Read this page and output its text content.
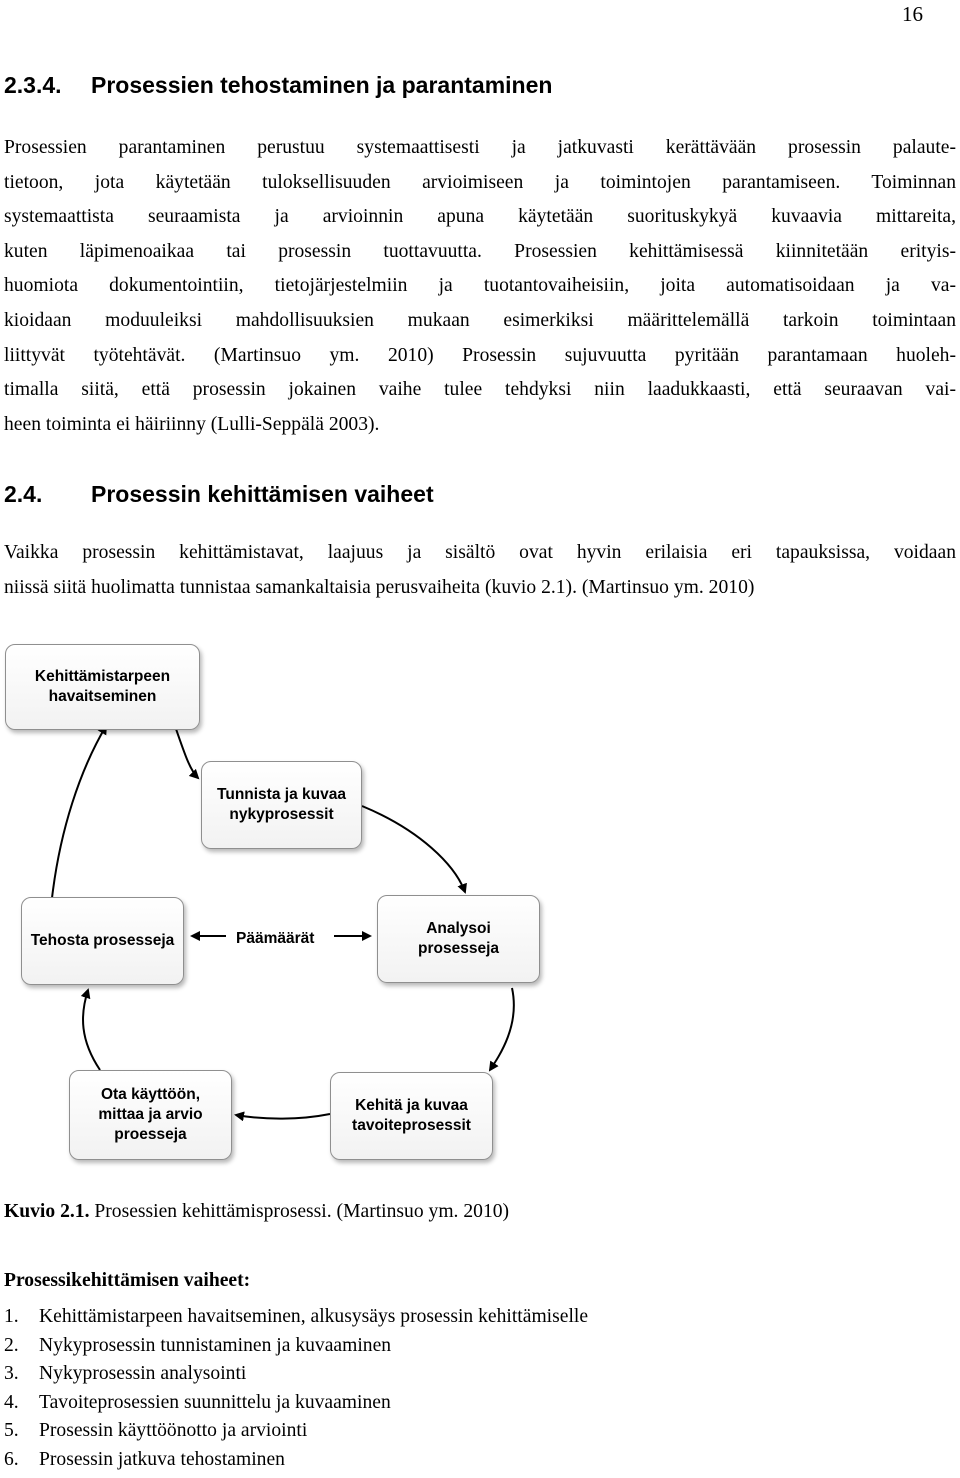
16
2.3.4.	Prosessien tehostaminen ja parantaminen
Prosessien parantaminen perustuu systemaattisesti ja jatkuvasti kerättävään prosessin palaute-
tietoon, jota käytetään tuloksellisuuden arvioimiseen ja toimintojen parantamiseen. Toiminnan
systemaattista seuraamista ja arvioinnin apuna käytetään suorituskykyä kuvaavia mittareita,
kuten läpimenoaikaa tai prosessin tuottavuutta. Prosessien kehittämisessä kiinnitetään erityis-
huomiota dokumentointiin, tietojärjestelmiin ja tuotantovaiheisiin, joita automatisoidaan ja va-
kioidaan moduuleiksi mahdollisuuksien mukaan esimerkiksi määrittelemällä tarkoin toimintaan
liittyvät työtehtävät. (Martinsuo ym. 2010) Prosessin sujuvuutta pyritään parantamaan huoleh-
timalla siitä, että prosessin jokainen vaihe tulee tehdyksi niin laadukkaasti, että seuraavan vai-
heen toiminta ei häiriinny (Lulli-Seppälä 2003).
2.4.	Prosessin kehittämisen vaiheet
Vaikka prosessin kehittämistavat, laajuus ja sisältö ovat hyvin erilaisia eri tapauksissa, voidaan
niissä siitä huolimatta tunnistaa samankaltaisia perusvaiheita (kuvio 2.1). (Martinsuo ym. 2010)
Kehittämistarpeen havaitseminen
Tunnista ja kuvaa nykyprosessit
Tehosta prosesseja
Analysoi prosesseja
Ota käyttöön, mittaa ja arvio proesseja
Kehitä ja kuvaa tavoiteprosessit
Päämäärät

Kuvio 2.1. Prosessien kehittämisprosessi. (Martinsuo ym. 2010)

Prosessikehittämisen vaiheet:

1.	Kehittämistarpeen havaitseminen, alkusysäys prosessin kehittämiselle
2.	Nykyprosessin tunnistaminen ja kuvaaminen
3.	Nykyprosessin analysointi
4.	Tavoiteprosessien suunnittelu ja kuvaaminen
5.	Prosessin käyttöönotto ja arviointi
6.	Prosessin jatkuva tehostaminen
